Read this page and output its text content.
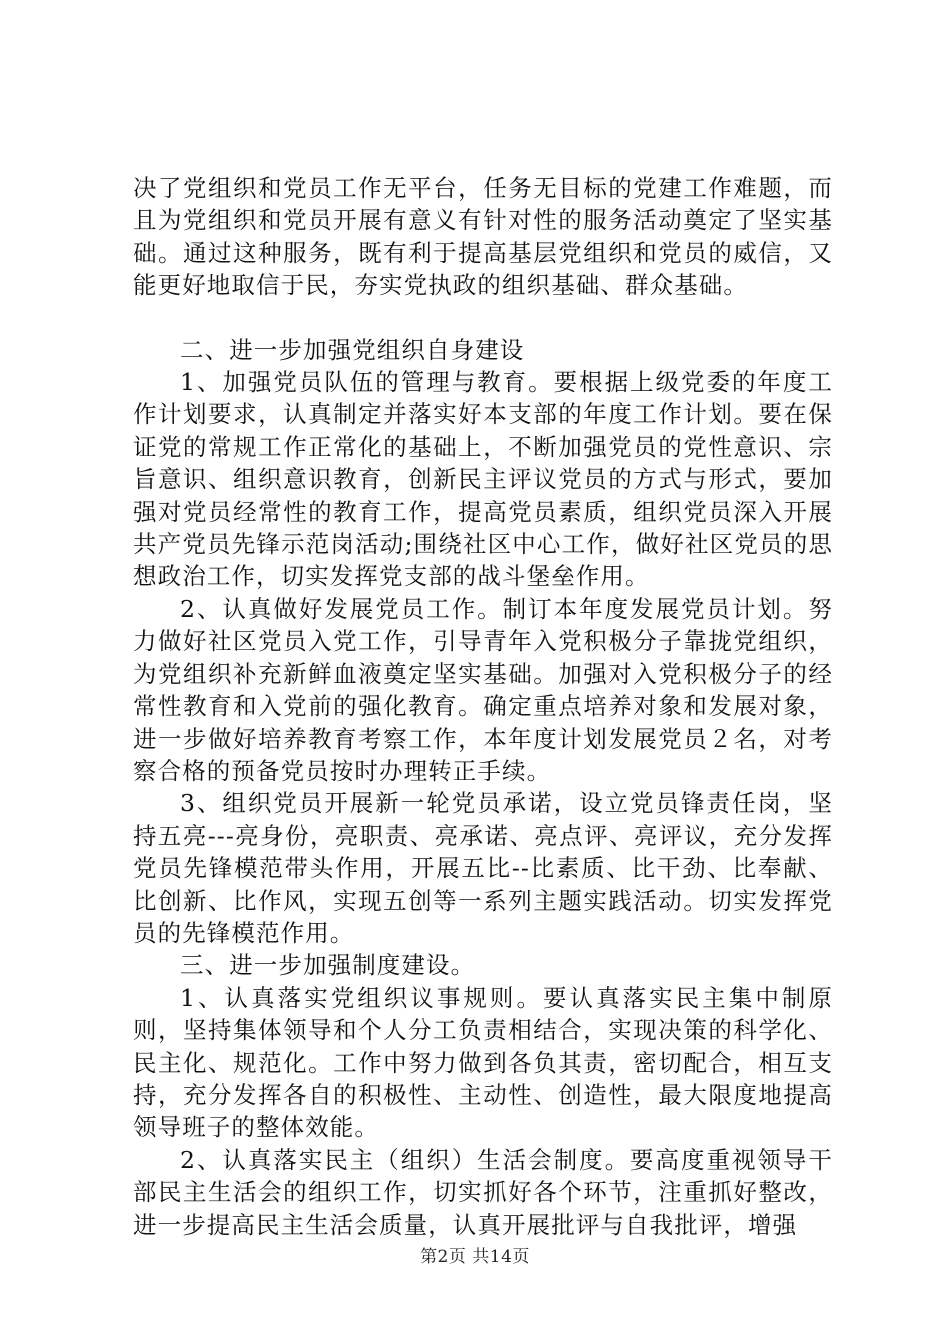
决了党组织和党员工作无平台，任务无目标的党建工作难题，而且为党组织和党员开展有意义有针对性的服务活动奠定了坚实基础。通过这种服务，既有利于提高基层党组织和党员的威信，又能更好地取信于民，夯实党执政的组织基础、群众基础。

二、进一步加强党组织自身建设

1、加强党员队伍的管理与教育。要根据上级党委的年度工作计划要求，认真制定并落实好本支部的年度工作计划。要在保证党的常规工作正常化的基础上，不断加强党员的党性意识、宗旨意识、组织意识教育，创新民主评议党员的方式与形式，要加强对党员经常性的教育工作，提高党员素质，组织党员深入开展共产党员先锋示范岗活动;围绕社区中心工作，做好社区党员的思想政治工作，切实发挥党支部的战斗堡垒作用。

2、认真做好发展党员工作。制订本年度发展党员计划。努力做好社区党员入党工作，引导青年入党积极分子靠拢党组织，为党组织补充新鲜血液奠定坚实基础。加强对入党积极分子的经常性教育和入党前的强化教育。确定重点培养对象和发展对象，进一步做好培养教育考察工作，本年度计划发展党员２名，对考察合格的预备党员按时办理转正手续。

3、组织党员开展新一轮党员承诺，设立党员锋责任岗，坚持五亮---亮身份，亮职责、亮承诺、亮点评、亮评议，充分发挥党员先锋模范带头作用，开展五比--比素质、比干劲、比奉献、比创新、比作风，实现五创等一系列主题实践活动。切实发挥党员的先锋模范作用。

三、进一步加强制度建设。

1、认真落实党组织议事规则。要认真落实民主集中制原则，坚持集体领导和个人分工负责相结合，实现决策的科学化、民主化、规范化。工作中努力做到各负其责，密切配合，相互支持，充分发挥各自的积极性、主动性、创造性，最大限度地提高领导班子的整体效能。

2、认真落实民主（组织）生活会制度。要高度重视领导干部民主生活会的组织工作，切实抓好各个环节，注重抓好整改，进一步提高民主生活会质量，认真开展批评与自我批评，增强

第2页 共14页
